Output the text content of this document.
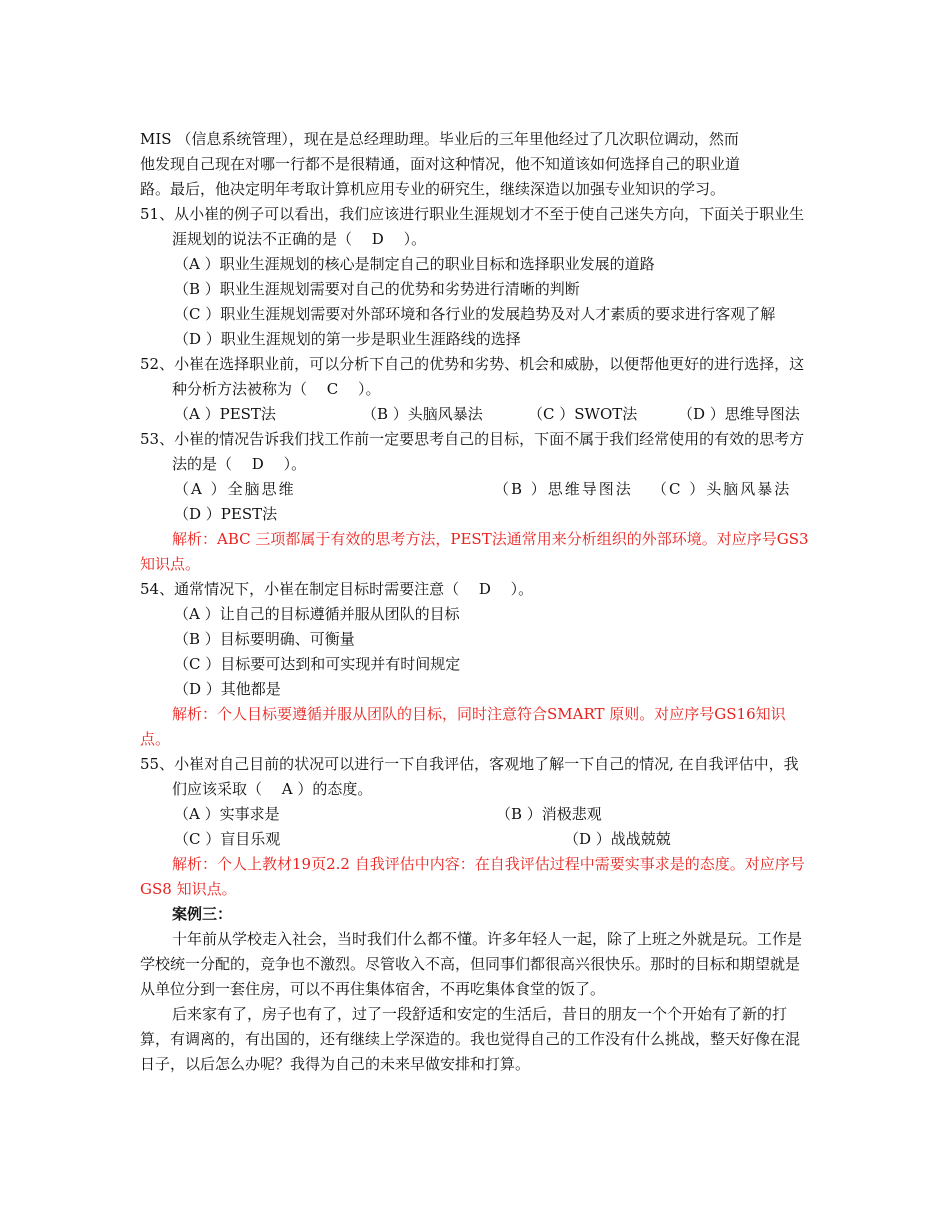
MIS （信息系统管理），现在是总经理助理。毕业后的三年里他经过了几次职位调动，然而

他发现自己现在对哪一行都不是很精通，面对这种情况，他不知道该如何选择自己的职业道

路。最后，他决定明年考取计算机应用专业的研究生，继续深造以加强专业知识的学习。

51、从小崔的例子可以看出，我们应该进行职业生涯规划才不至于使自己迷失方向，下面关于职业生涯规划的说法不正确的是（　 D 　）。

（A ）职业生涯规划的核心是制定自己的职业目标和选择职业发展的道路

（B ）职业生涯规划需要对自己的优势和劣势进行清晰的判断

（C ）职业生涯规划需要对外部环境和各行业的发展趋势及对人才素质的要求进行客观了解

（D ）职业生涯规划的第一步是职业生涯路线的选择

52、小崔在选择职业前，可以分析下自己的优势和劣势、机会和威胁，以便帮他更好的进行选择，这种分析方法被称为（　 C 　）。

（A ）PEST法	（B ）头脑风暴法	（C ）SWOT法	（D ）思维导图法

53、小崔的情况告诉我们找工作前一定要思考自己的目标，下面不属于我们经常使用的有效的思考方法的是（　 D 　）。

（A ）全脑思维	（B ）思维导图法	（C ）头脑风暴法

（D ）PEST法

解析：ABC 三项都属于有效的思考方法，PEST法通常用来分析组织的外部环境。对应序号GS3 知识点。

54、通常情况下，小崔在制定目标时需要注意（　 D 　）。

（A ）让自己的目标遵循并服从团队的目标

（B ）目标要明确、可衡量

（C ）目标要可达到和可实现并有时间规定

（D ）其他都是

解析：个人目标要遵循并服从团队的目标，同时注意符合SMART 原则。对应序号GS16知识点。

55、小崔对自己目前的状况可以进行一下自我评估，客观地了解一下自己的情况, 在自我评估中，我们应该采取（　 A ）的态度。

（A ）实事求是	（B ）消极悲观
（C ）盲目乐观	（D ）战战兢兢

解析：个人上教材19页2.2 自我评估中内容：在自我评估过程中需要实事求是的态度。对应序号GS8 知识点。

案例三：

十年前从学校走入社会，当时我们什么都不懂。许多年轻人一起，除了上班之外就是玩。工作是学校统一分配的，竞争也不激烈。尽管收入不高，但同事们都很高兴很快乐。那时的目标和期望就是从单位分到一套住房，可以不再住集体宿舍，不再吃集体食堂的饭了。

后来家有了，房子也有了，过了一段舒适和安定的生活后，昔日的朋友一个个开始有了新的打算，有调离的，有出国的，还有继续上学深造的。我也觉得自己的工作没有什么挑战，整天好像在混日子，以后怎么办呢？我得为自己的未来早做安排和打算。
